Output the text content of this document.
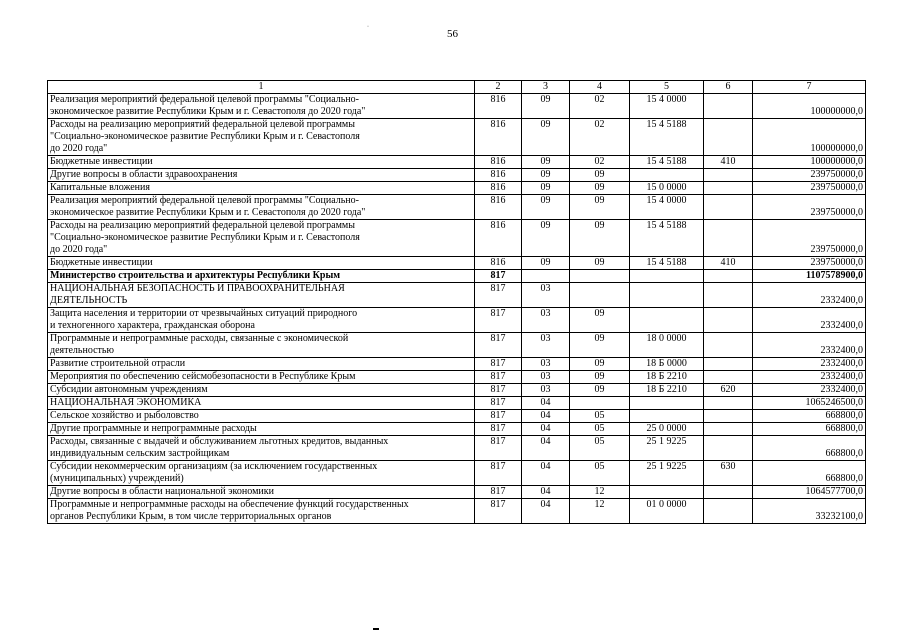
·
56
1	2	3	4	5	6	7
Реализация мероприятий федеральной целевой программы "Социально-
экономическое развитие Республики Крым и г. Севастополя до 2020 года"	816	09	02	15 4 0000		100000000,0
Расходы на реализацию мероприятий федеральной целевой программы
"Социально-экономическое развитие Республики Крым и г. Севастополя
до 2020 года"	816	09	02	15 4 5188		100000000,0
Бюджетные инвестиции	816	09	02	15 4 5188	410	100000000,0
Другие вопросы в области здравоохранения	816	09	09			239750000,0
Капитальные вложения	816	09	09	15 0 0000		239750000,0
Реализация мероприятий федеральной целевой программы "Социально-
экономическое развитие Республики Крым и г. Севастополя до 2020 года"	816	09	09	15 4 0000		239750000,0
Расходы на реализацию мероприятий федеральной целевой программы
"Социально-экономическое развитие Республики Крым и г. Севастополя
до 2020 года"	816	09	09	15 4 5188		239750000,0
Бюджетные инвестиции	816	09	09	15 4 5188	410	239750000,0
Министерство строительства и архитектуры Республики Крым	817					1107578900,0
НАЦИОНАЛЬНАЯ БЕЗОПАСНОСТЬ И ПРАВООХРАНИТЕЛЬНАЯ
ДЕЯТЕЛЬНОСТЬ	817	03				2332400,0
Защита населения и территории от чрезвычайных ситуаций природного
и техногенного характера, гражданская оборона	817	03	09			2332400,0
Программные и непрограммные расходы, связанные с экономической
деятельностью	817	03	09	18 0 0000		2332400,0
Развитие строительной отрасли	817	03	09	18 Б 0000		2332400,0
Мероприятия по обеспечению сейсмобезопасности в Республике Крым	817	03	09	18 Б 2210		2332400,0
Субсидии автономным учреждениям	817	03	09	18 Б 2210	620	2332400,0
НАЦИОНАЛЬНАЯ ЭКОНОМИКА	817	04				1065246500,0
Сельское хозяйство и рыболовство	817	04	05			668800,0
Другие программные и непрограммные расходы	817	04	05	25 0 0000		668800,0
Расходы, связанные с выдачей и обслуживанием льготных кредитов, выданных
индивидуальным сельским застройщикам	817	04	05	25 1 9225		668800,0
Субсидии некоммерческим организациям (за исключением государственных
(муниципальных) учреждений)	817	04	05	25 1 9225	630	668800,0
Другие вопросы в области национальной экономики	817	04	12			1064577700,0
Программные и непрограммные расходы на обеспечение функций государственных
органов Республики Крым, в том числе территориальных органов	817	04	12	01 0 0000		33232100,0
